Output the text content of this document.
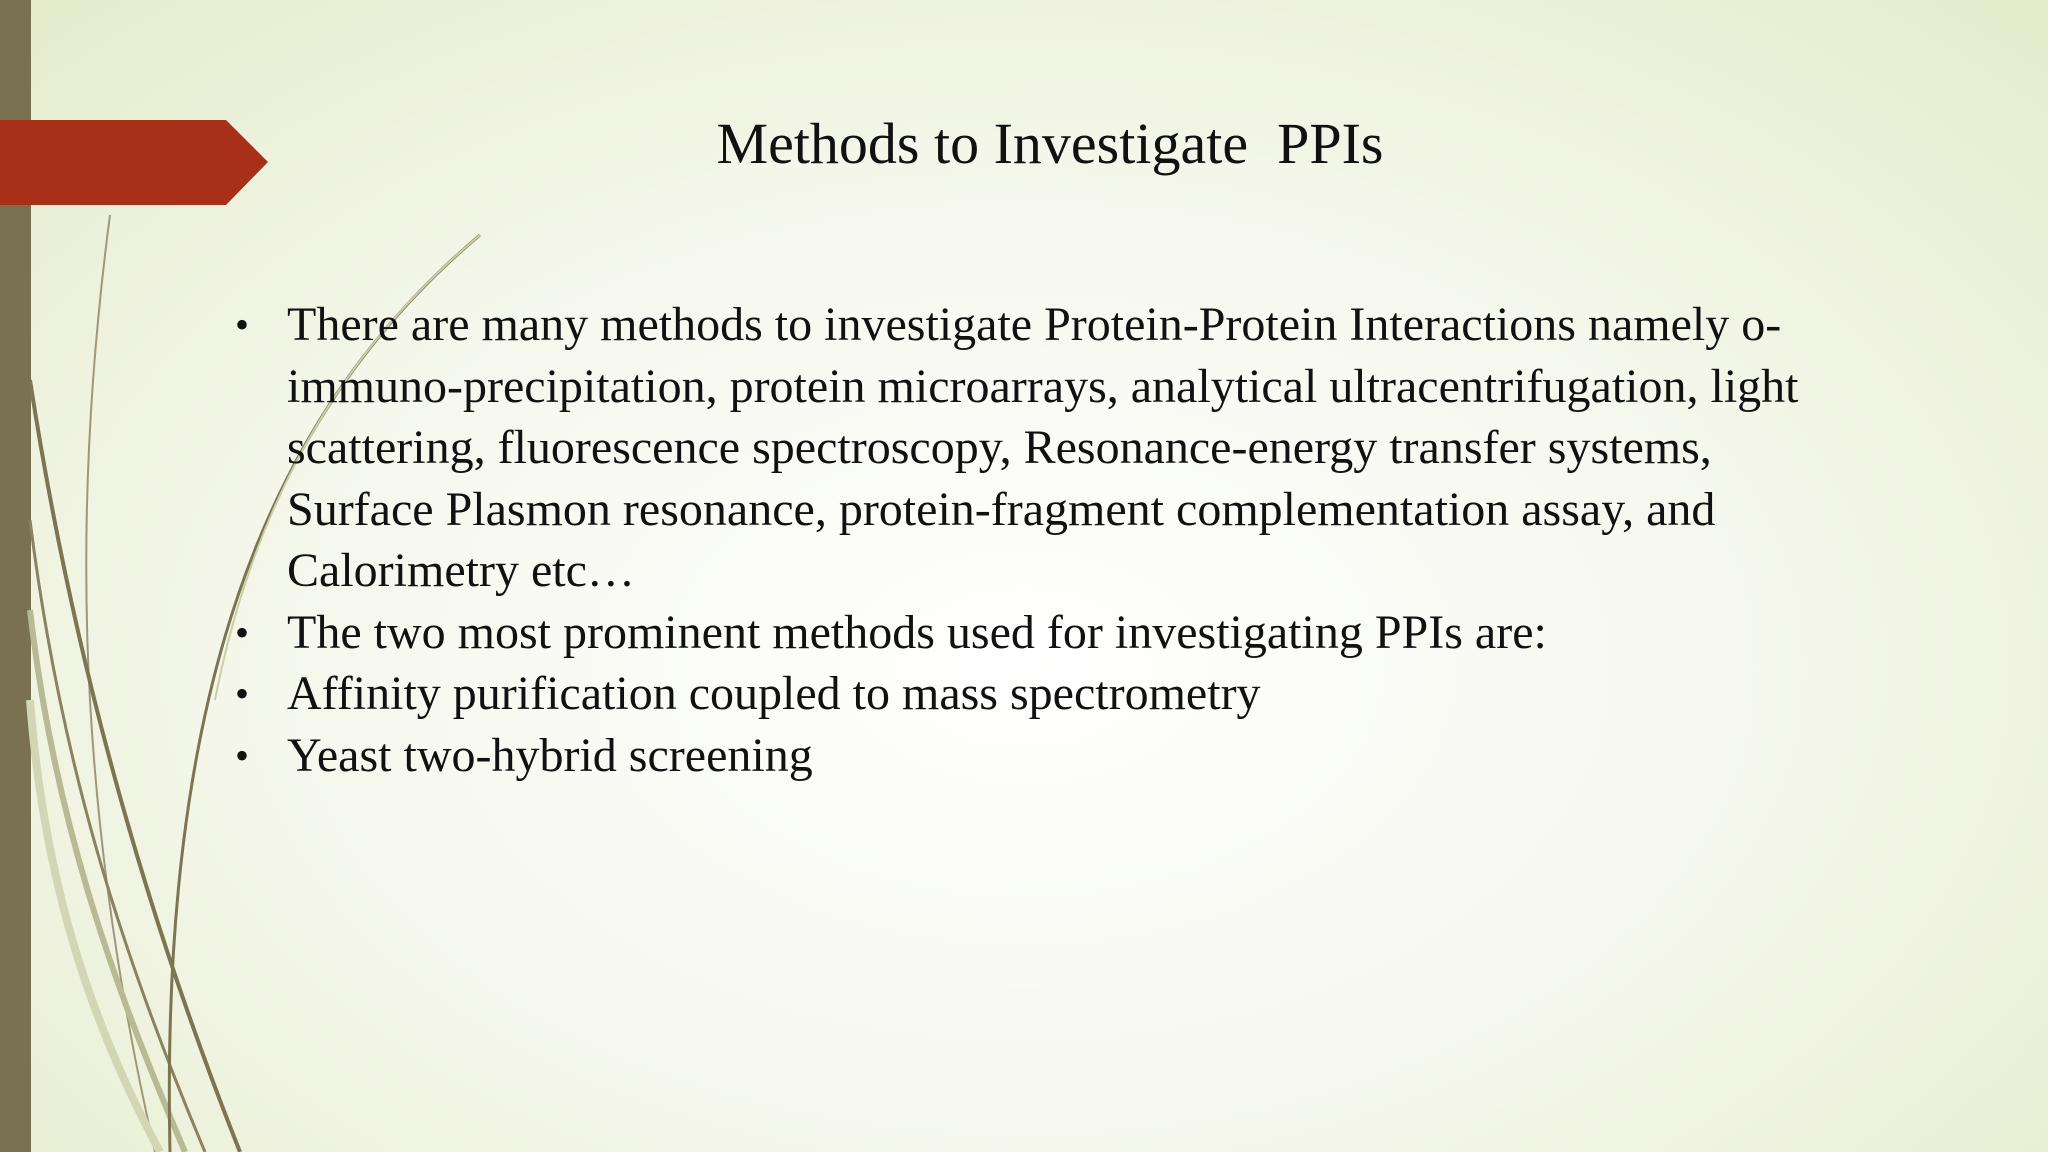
Methods to Investigate  PPIs
• There are many methods to investigate Protein-Protein Interactions namely o-immuno-precipitation, protein microarrays, analytical ultracentrifugation, light scattering, fluorescence spectroscopy, Resonance-energy transfer systems, Surface Plasmon resonance, protein-fragment complementation assay, and Calorimetry etc…
• The two most prominent methods used for investigating PPIs are:
• Affinity purification coupled to mass spectrometry
• Yeast two-hybrid screening
